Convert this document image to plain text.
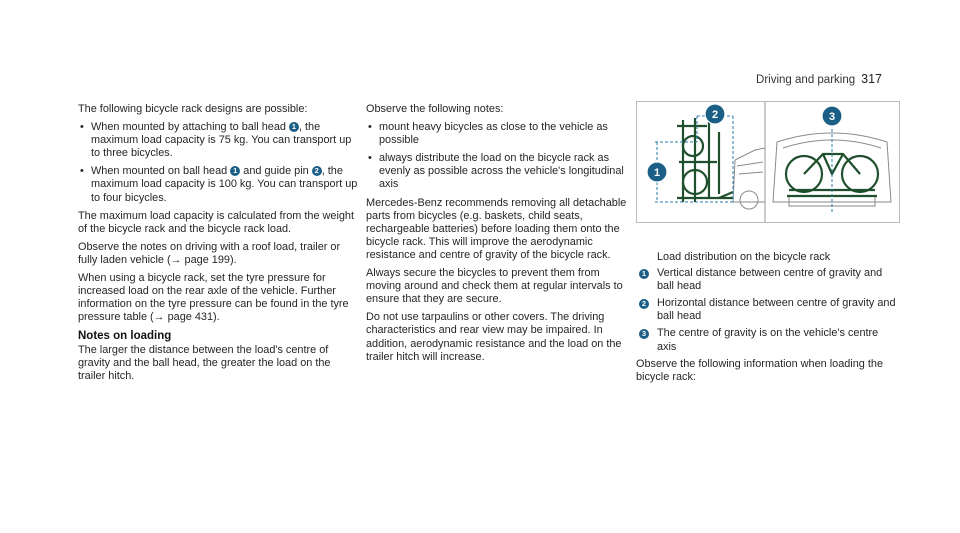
Driving and parking 317

The following bicycle rack designs are possible:

• When mounted by attaching to ball head 1 , the maximum load capacity is 75 kg. You can transport up to three bicycles.
• When mounted on ball head 1 and guide pin 2 , the maximum load capacity is 100 kg. You can transport up to four bicycles.

The maximum load capacity is calculated from the weight of the bicycle rack and the bicycle rack load.

Observe the notes on driving with a roof load, trailer or fully laden vehicle (→ page 199).

When using a bicycle rack, set the tyre pressure for increased load on the rear axle of the vehicle. Further information on the tyre pressure can be found in the tyre pressure table (→ page 431).

Notes on loading

The larger the distance between the load's centre of gravity and the ball head, the greater the load on the trailer hitch.

Observe the following notes:

• mount heavy bicycles as close to the vehicle as possible
• always distribute the load on the bicycle rack as evenly as possible across the vehicle's longitudinal axis

Mercedes-Benz recommends removing all detachable parts from bicycles (e.g. baskets, child seats, rechargeable batteries) before loading them onto the bicycle rack. This will improve the aerodynamic resistance and centre of gravity of the bicycle rack.

Always secure the bicycles to prevent them from moving around and check them at regular intervals to ensure that they are secure.

Do not use tarpaulins or other covers. The driving characteristics and rear view may be impaired. In addition, aerodynamic resistance and the load on the trailer hitch will increase.

1
2	3

Load distribution on the bicycle rack

1 Vertical distance between centre of gravity and ball head
2 Horizontal distance between centre of gravity and ball head
3 The centre of gravity is on the vehicle's centre axis

Observe the following information when loading the bicycle rack:
